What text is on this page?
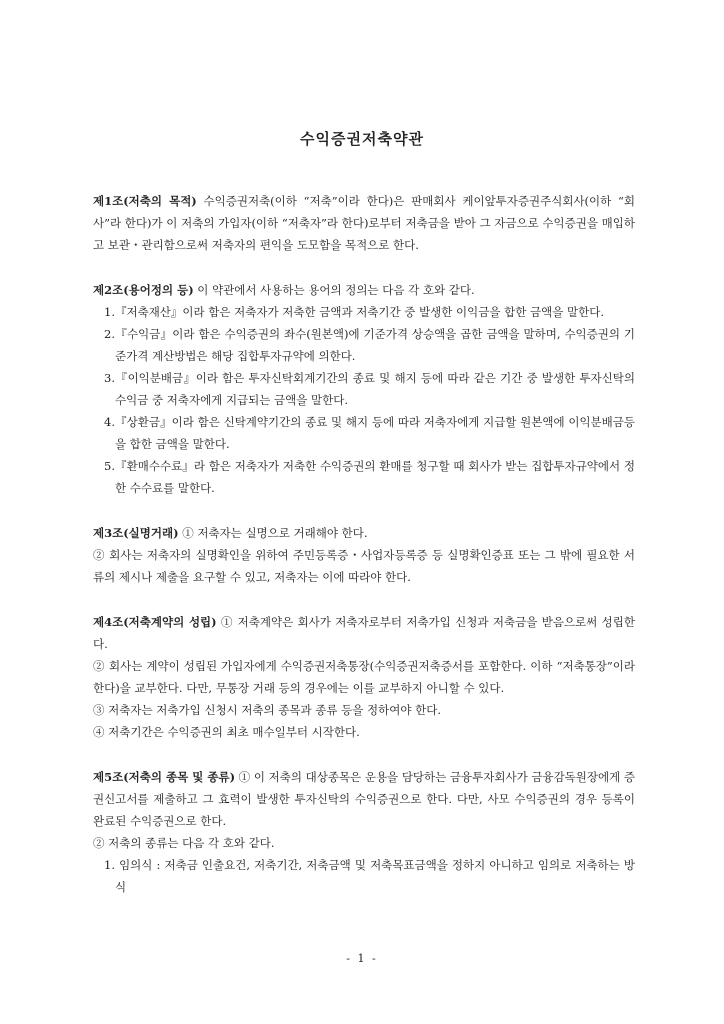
수익증권저축약관

제1조(저축의 목적) 수익증권저축(이하 “저축”이라 한다)은 판매회사 케이앞투자증권주식회사(이하 “회사”라 한다)가 이 저축의 가입자(이하 “저축자”라 한다)로부터 저축금을 받아 그 자금으로 수익증권을 매입하고 보관・관리함으로써 저축자의 편익을 도모함을 목적으로 한다.

제2조(용어정의 등) 이 약관에서 사용하는 용어의 정의는 다음 각 호와 같다.

1.『저축재산』이라 함은 저축자가 저축한 금액과 저축기간 중 발생한 이익금을 합한 금액을 말한다.

2.『수익금』이라 함은 수익증권의 좌수(원본액)에 기준가격 상승액을 곱한 금액을 말하며, 수익증권의 기준가격 계산방법은 해당 집합투자규약에 의한다.

3.『이익분배금』이라 함은 투자신탁회계기간의 종료 및 해지 등에 따라 같은 기간 중 발생한 투자신탁의 수익금 중 저축자에게 지급되는 금액을 말한다.

4.『상환금』이라 함은 신탁계약기간의 종료 및 해지 등에 따라 저축자에게 지급할 원본액에 이익분배금등을 합한 금액을 말한다.

5.『환매수수료』라 함은 저축자가 저축한 수익증권의 환매를 청구할 때 회사가 받는 집합투자규약에서 정한 수수료를 말한다.

제3조(실명거래) ① 저축자는 실명으로 거래해야 한다.

② 회사는 저축자의 실명확인을 위하여 주민등록증・사업자등록증 등 실명확인증표 또는 그 밖에 필요한 서류의 제시나 제출을 요구할 수 있고, 저축자는 이에 따라야 한다.

제4조(저축계약의 성립) ① 저축계약은 회사가 저축자로부터 저축가입 신청과 저축금을 받음으로써 성립한다.

② 회사는 계약이 성립된 가입자에게 수익증권저축통장(수익증권저축증서를 포함한다. 이하 “저축통장”이라 한다)을 교부한다. 다만, 무통장 거래 등의 경우에는 이를 교부하지 아니할 수 있다.

③ 저축자는 저축가입 신청시 저축의 종목과 종류 등을 정하여야 한다.

④ 저축기간은 수익증권의 최초 매수일부터 시작한다.

제5조(저축의 종목 및 종류) ① 이 저축의 대상종목은 운용을 담당하는 금융투자회사가 금융감독원장에게 증권신고서를 제출하고 그 효력이 발생한 투자신탁의 수익증권으로 한다. 다만, 사모 수익증권의 경우 등록이 완료된 수익증권으로 한다.

② 저축의 종류는 다음 각 호와 같다.

1. 임의식 : 저축금 인출요건, 저축기간, 저축금액 및 저축목표금액을 정하지 아니하고 임의로 저축하는 방식

- 1 -
